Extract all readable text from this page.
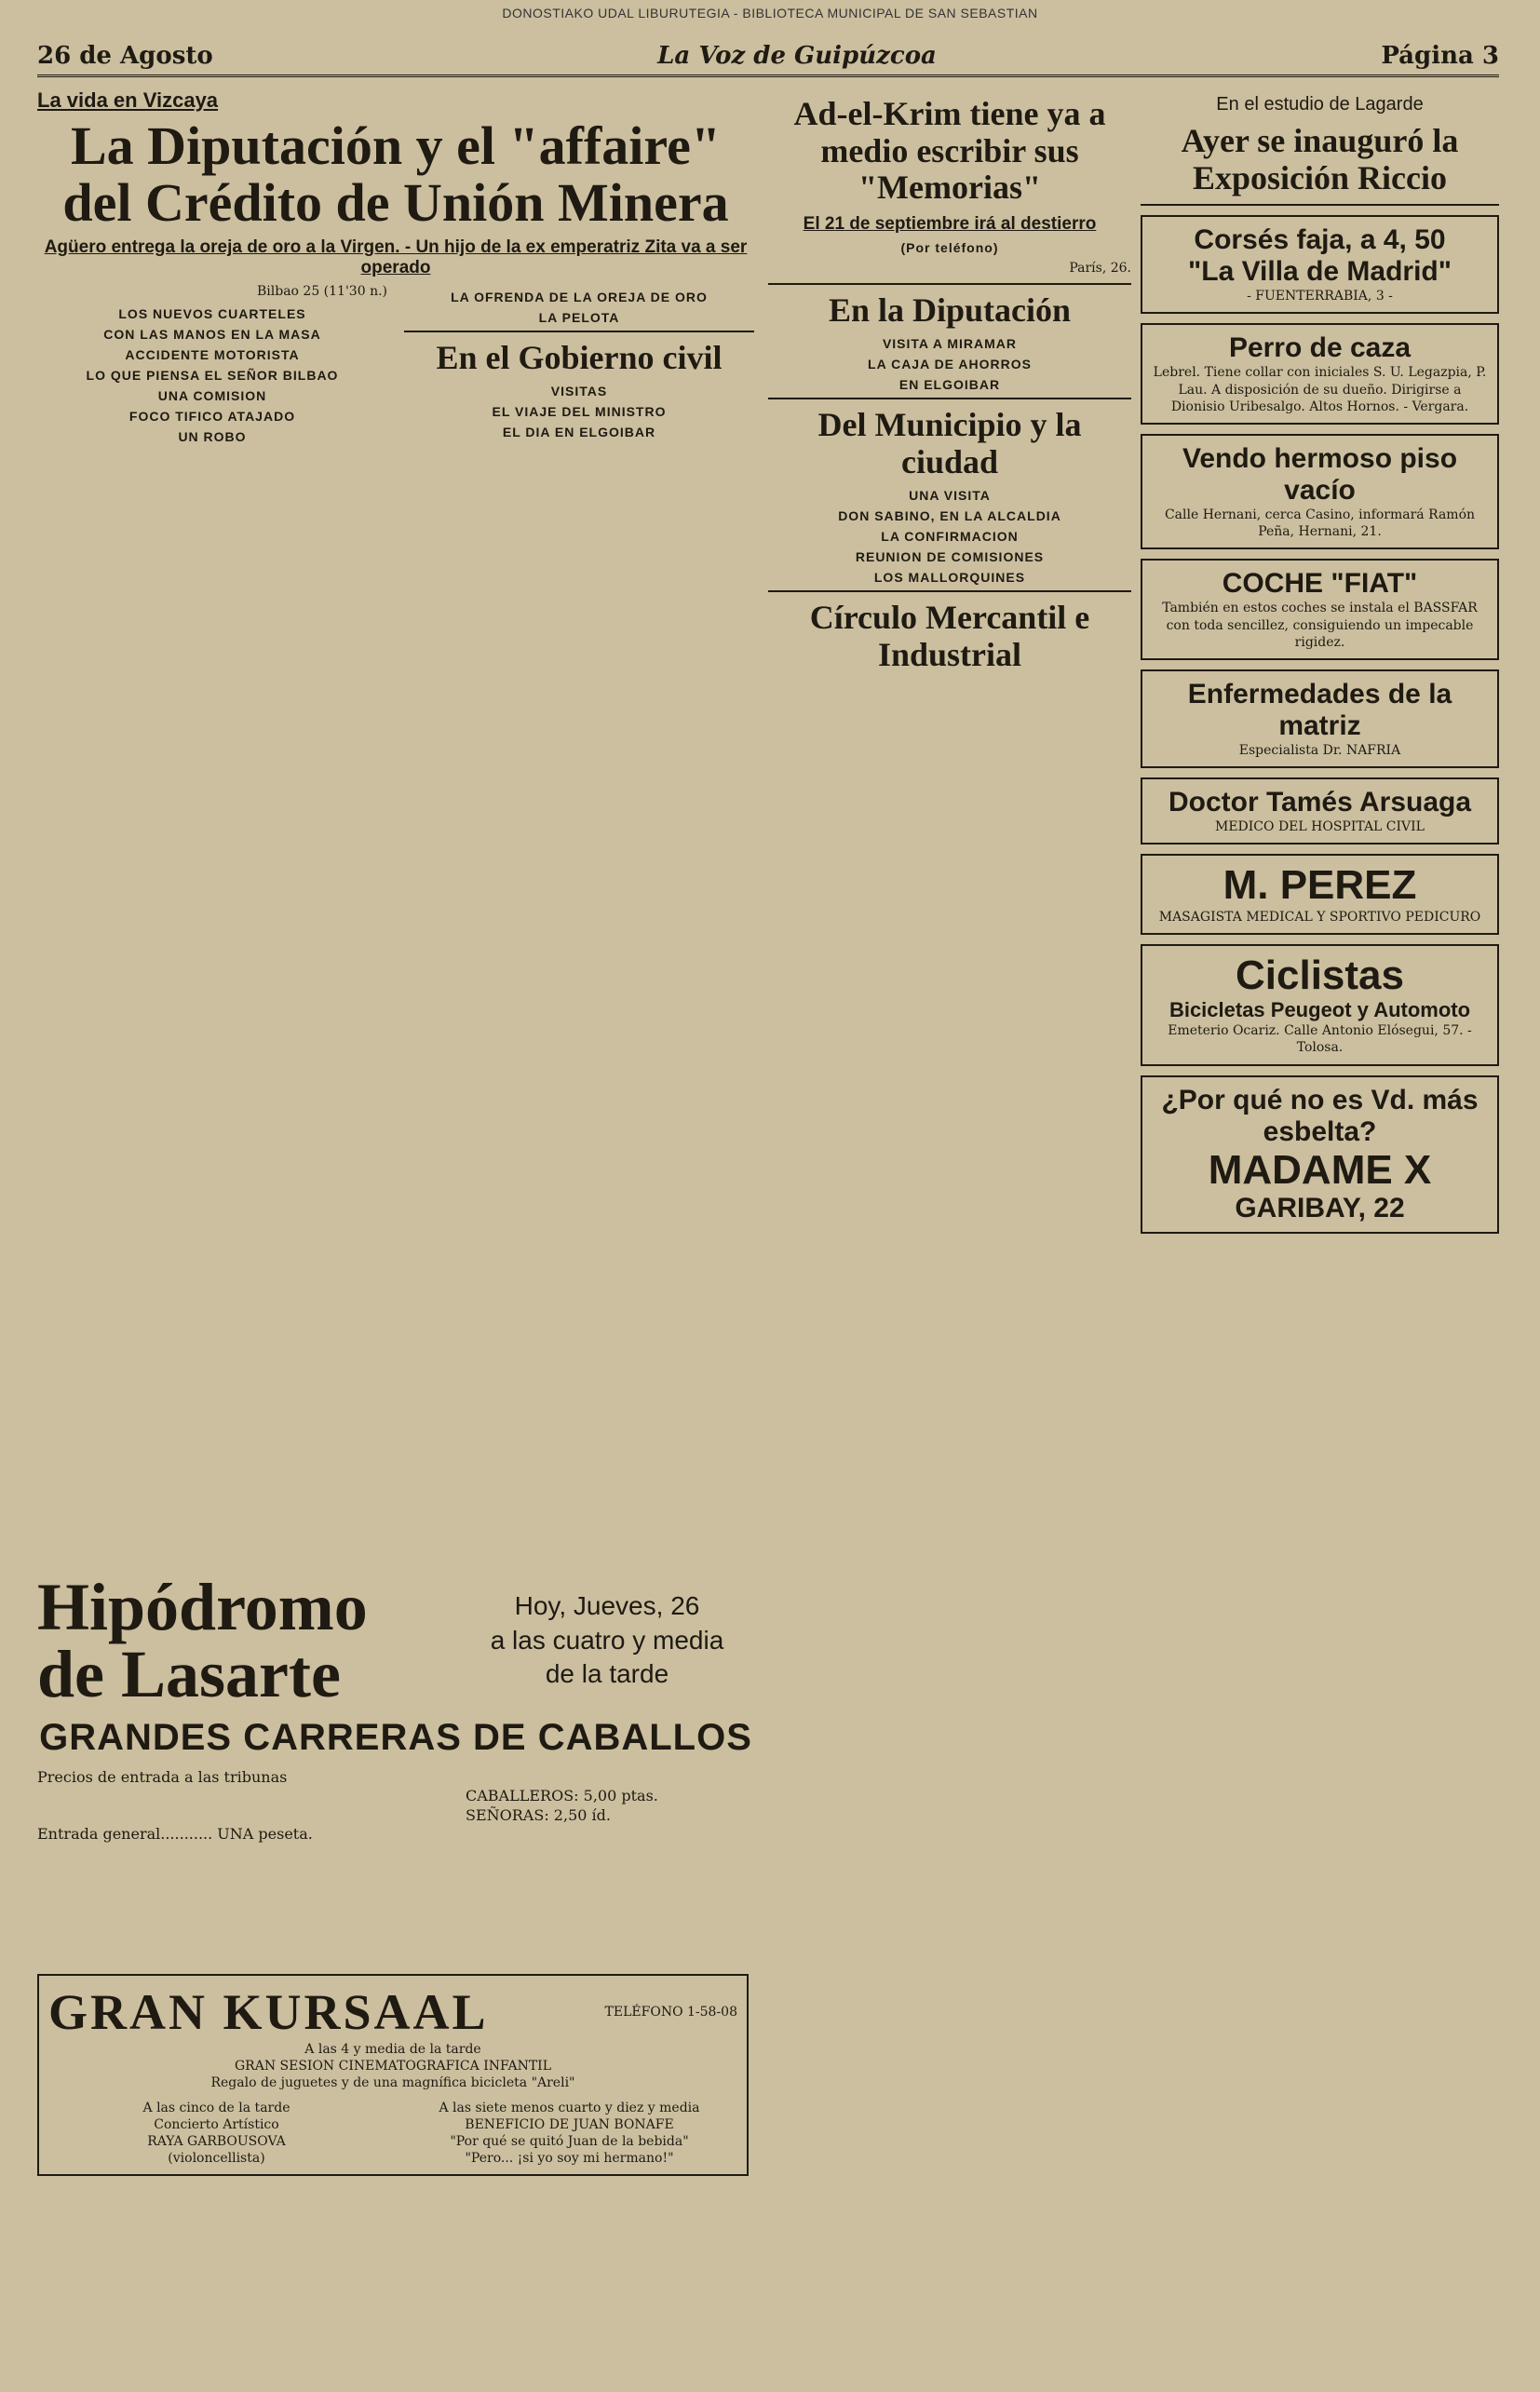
DONOSTIAKO UDAL LIBURUTEGIA - BIBLIOTECA MUNICIPAL DE SAN SEBASTIAN
26 de Agosto	La Voz de Guipúzcoa	Página 3
La vida en Vizcaya
La Diputación y el "affaire" del Crédito de Unión Minera
Agüero entrega la oreja de oro a la Virgen. - Un hijo de la ex emperatriz Zita va a ser operado

Bilbao 25 (11'30 n.)

LOS NUEVOS CUARTELES
CON LAS MANOS EN LA MASA
ACCIDENTE MOTORISTA
LO QUE PIENSA EL SEÑOR BILBAO
UNA COMISION
FOCO TIFICO ATAJADO
UN ROBO
LA OFRENDA DE LA OREJA DE ORO
LA PELOTA
En el Gobierno civil
VISITAS
EL VIAJE DEL MINISTRO
EL DIA EN ELGOIBAR
Hipódromo de Lasarte
Hoy, Jueves, 26
a las cuatro y media
de la tarde
GRANDES CARRERAS DE CABALLOS
Precios de entrada a las tribunas
CABALLEROS: 5,00 ptas.
SEÑORAS: 2,50 íd.
Entrada general........... UNA peseta.
GRAN KURSAAL	TELÉFONO 1-58-08
A las 4 y media de la tarde
GRAN SESION CINEMATOGRAFICA INFANTIL
Regalo de juguetes y de una magnífica bicicleta "Areli"
A las cinco de la tarde
Concierto Artístico
RAYA GARBOUSOVA
(violoncellista)
A las siete menos cuarto y diez y media
BENEFICIO DE JUAN BONAFE
"Por qué se quitó Juan de la bebida"
"Pero... ¡si yo soy mi hermano!"
Ad-el-Krim tiene ya a medio escribir sus "Memorias"
El 21 de septiembre irá al destierro
(Por teléfono)
París, 26.
En la Diputación
VISITA A MIRAMAR
LA CAJA DE AHORROS
EN ELGOIBAR
Del Municipio y la ciudad
UNA VISITA
DON SABINO, EN LA ALCALDIA
LA CONFIRMACION
REUNION DE COMISIONES
LOS MALLORQUINES
Círculo Mercantil e Industrial
En el estudio de Lagarde
Ayer se inauguró la Exposición Riccio
Corsés faja, a 4, 50
"La Villa de Madrid"
- FUENTERRABIA, 3 -
Perro de caza
Lebrel. Tiene collar con iniciales S. U. Legazpia, P. Lau. A disposición de su dueño. Dirigirse a Dionisio Uribesalgo. Altos Hornos. - Vergara.
Vendo hermoso piso vacío
Calle Hernani, cerca Casino, informará Ramón Peña, Hernani, 21.
COCHE "FIAT"
También en estos coches se instala el BASSFAR con toda sencillez, consiguiendo un impecable rigidez.
Enfermedades de la matriz
Especialista Dr. NAFRIA
Doctor Tamés Arsuaga
MEDICO DEL HOSPITAL CIVIL
M. PEREZ
MASAGISTA MEDICAL Y SPORTIVO PEDICURO
Ciclistas
Bicicletas Peugeot y Automoto
Emeterio Ocariz. Calle Antonio Elósegui, 57. - Tolosa.
¿Por qué no es Vd. más esbelta?
MADAME X
GARIBAY, 22
